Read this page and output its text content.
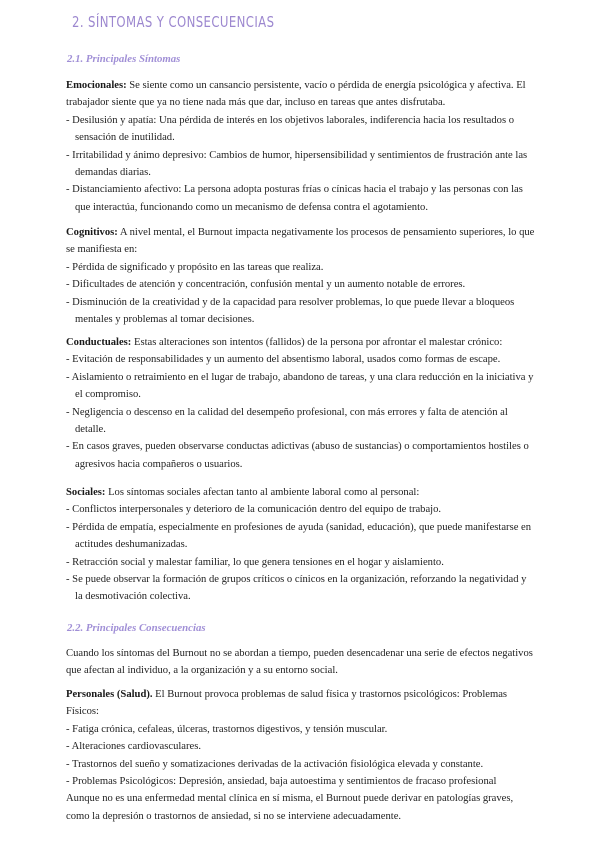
2. SÍNTOMAS Y CONSECUENCIAS
2.1. Principales Síntomas

Emocionales: Se siente como un cansancio persistente, vacío o pérdida de energía psicológica y afectiva. El trabajador siente que ya no tiene nada más que dar, incluso en tareas que antes disfrutaba.

- Desilusión y apatía: Una pérdida de interés en los objetivos laborales, indiferencia hacia los resultados o sensación de inutilidad.

- Irritabilidad y ánimo depresivo: Cambios de humor, hipersensibilidad y sentimientos de frustración ante las demandas diarias.

- Distanciamiento afectivo: La persona adopta posturas frías o cínicas hacia el trabajo y las personas con las que interactúa, funcionando como un mecanismo de defensa contra el agotamiento.

Cognitivos: A nivel mental, el Burnout impacta negativamente los procesos de pensamiento superiores, lo que se manifiesta en:

- Pérdida de significado y propósito en las tareas que realiza.

- Dificultades de atención y concentración, confusión mental y un aumento notable de errores.

- Disminución de la creatividad y de la capacidad para resolver problemas, lo que puede llevar a bloqueos mentales y problemas al tomar decisiones.

Conductuales: Estas alteraciones son intentos (fallidos) de la persona por afrontar el malestar crónico:

- Evitación de responsabilidades y un aumento del absentismo laboral, usados como formas de escape.

- Aislamiento o retraimiento en el lugar de trabajo, abandono de tareas, y una clara reducción en la iniciativa y el compromiso.

- Negligencia o descenso en la calidad del desempeño profesional, con más errores y falta de atención al detalle.

- En casos graves, pueden observarse conductas adictivas (abuso de sustancias) o comportamientos hostiles o agresivos hacia compañeros o usuarios.

Sociales: Los síntomas sociales afectan tanto al ambiente laboral como al personal:

- Conflictos interpersonales y deterioro de la comunicación dentro del equipo de trabajo.

- Pérdida de empatía, especialmente en profesiones de ayuda (sanidad, educación), que puede manifestarse en actitudes deshumanizadas.

- Retracción social y malestar familiar, lo que genera tensiones en el hogar y aislamiento.

- Se puede observar la formación de grupos críticos o cínicos en la organización, reforzando la negatividad y la desmotivación colectiva.

2.2. Principales Consecuencias

Cuando los síntomas del Burnout no se abordan a tiempo, pueden desencadenar una serie de efectos negativos que afectan al individuo, a la organización y a su entorno social.

Personales (Salud). El Burnout provoca problemas de salud física y trastornos psicológicos: Problemas Físicos:

- Fatiga crónica, cefaleas, úlceras, trastornos digestivos, y tensión muscular.

- Alteraciones cardiovasculares.

- Trastornos del sueño y somatizaciones derivadas de la activación fisiológica elevada y constante.

- Problemas Psicológicos: Depresión, ansiedad, baja autoestima y sentimientos de fracaso profesional

Aunque no es una enfermedad mental clínica en sí misma, el Burnout puede derivar en patologías graves, como la depresión o trastornos de ansiedad, si no se interviene adecuadamente.
